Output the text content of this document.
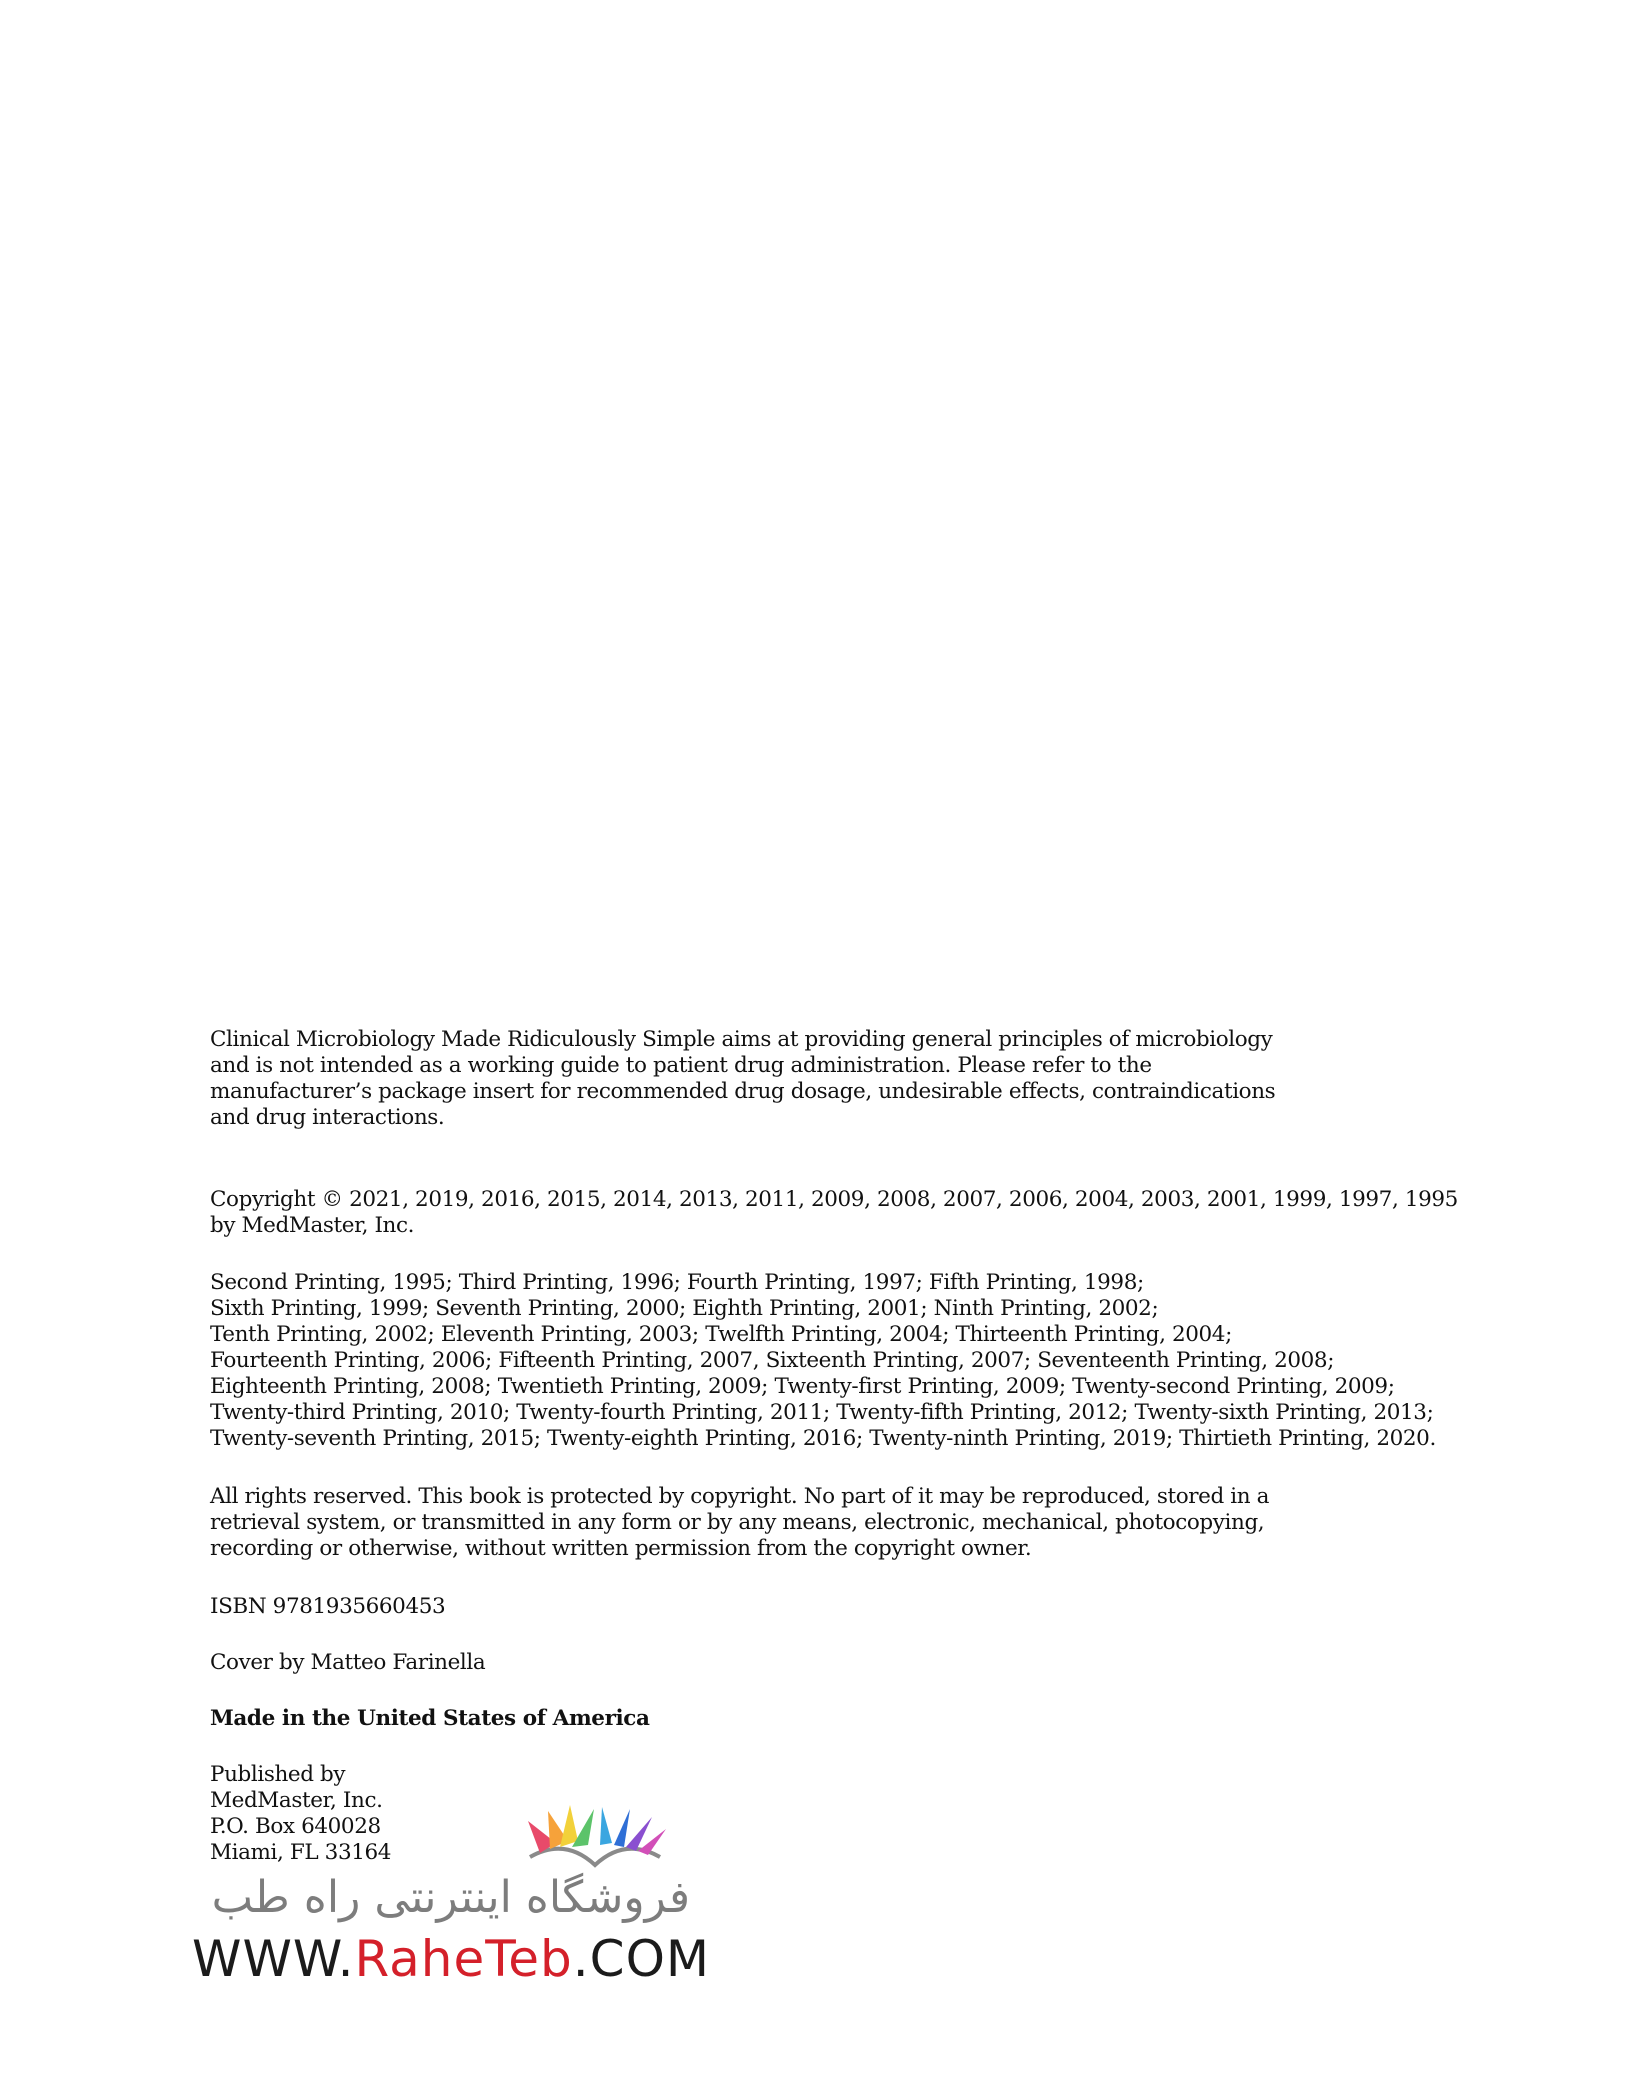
Clinical Microbiology Made Ridiculously Simple aims at providing general principles of microbiology
and is not intended as a working guide to patient drug administration. Please refer to the
manufacturer’s package insert for recommended drug dosage, undesirable effects, contraindications
and drug interactions.
Copyright © 2021, 2019, 2016, 2015, 2014, 2013, 2011, 2009, 2008, 2007, 2006, 2004, 2003, 2001, 1999, 1997, 1995
by MedMaster, Inc.
Second Printing, 1995; Third Printing, 1996; Fourth Printing, 1997; Fifth Printing, 1998;
Sixth Printing, 1999; Seventh Printing, 2000; Eighth Printing, 2001; Ninth Printing, 2002;
Tenth Printing, 2002; Eleventh Printing, 2003; Twelfth Printing, 2004; Thirteenth Printing, 2004;
Fourteenth Printing, 2006; Fifteenth Printing, 2007, Sixteenth Printing, 2007; Seventeenth Printing, 2008;
Eighteenth Printing, 2008; Twentieth Printing, 2009; Twenty-first Printing, 2009; Twenty-second Printing, 2009;
Twenty-third Printing, 2010; Twenty-fourth Printing, 2011; Twenty-fifth Printing, 2012; Twenty-sixth Printing, 2013;
Twenty-seventh Printing, 2015; Twenty-eighth Printing, 2016; Twenty-ninth Printing, 2019; Thirtieth Printing, 2020.
All rights reserved. This book is protected by copyright. No part of it may be reproduced, stored in a
retrieval system, or transmitted in any form or by any means, electronic, mechanical, photocopying,
recording or otherwise, without written permission from the copyright owner.
ISBN 9781935660453
Cover by Matteo Farinella
Made in the United States of America
Published by
MedMaster, Inc.
P.O. Box 640028
Miami, FL 33164
فروشگاه اینترنتی راه طب
WWW.RaheTeb.COM
